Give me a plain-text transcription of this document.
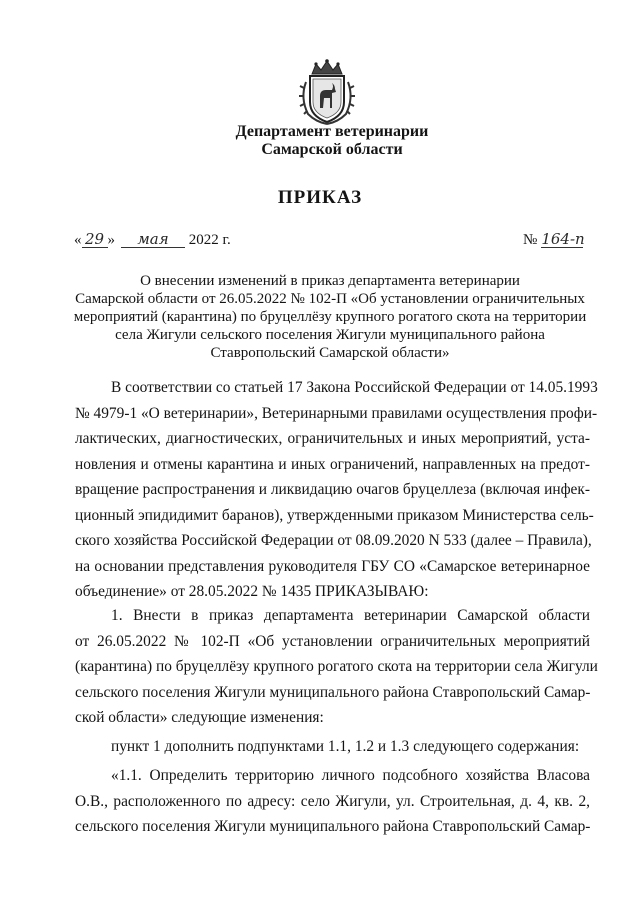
Департамент ветеринарии
Самарской области
ПРИКАЗ
« 29 » мая 2022 г.	№ 164-п
О внесении изменений в приказ департамента ветеринарии
Самарской области от 26.05.2022 № 102-П «Об установлении ограничительных
мероприятий (карантина) по бруцеллёзу крупного рогатого скота на территории
села Жигули сельского поселения Жигули муниципального района
Ставропольский Самарской области»
В соответствии со статьей 17 Закона Российской Федерации от 14.05.1993
№ 4979-1 «О ветеринарии», Ветеринарными правилами осуществления профи-
лактических, диагностических, ограничительных и иных мероприятий, уста-
новления и отмены карантина и иных ограничений, направленных на предот-
вращение распространения и ликвидацию очагов бруцеллеза (включая инфек-
ционный эпидидимит баранов), утвержденными приказом Министерства сель-
ского хозяйства Российской Федерации от 08.09.2020 N 533 (далее – Правила),
на основании представления руководителя ГБУ СО «Самарское ветеринарное
объединение» от 28.05.2022 № 1435 ПРИКАЗЫВАЮ:
1. Внести в приказ департамента ветеринарии Самарской области
от 26.05.2022 № 102-П «Об установлении ограничительных мероприятий
(карантина) по бруцеллёзу крупного рогатого скота на территории села Жигули
сельского поселения Жигули муниципального района Ставропольский Самар-
ской области» следующие изменения:
пункт 1 дополнить подпунктами 1.1, 1.2 и 1.3 следующего содержания:
«1.1. Определить территорию личного подсобного хозяйства Власова
О.В., расположенного по адресу: село Жигули, ул. Строительная, д. 4, кв. 2,
сельского поселения Жигули муниципального района Ставропольский Самар-
